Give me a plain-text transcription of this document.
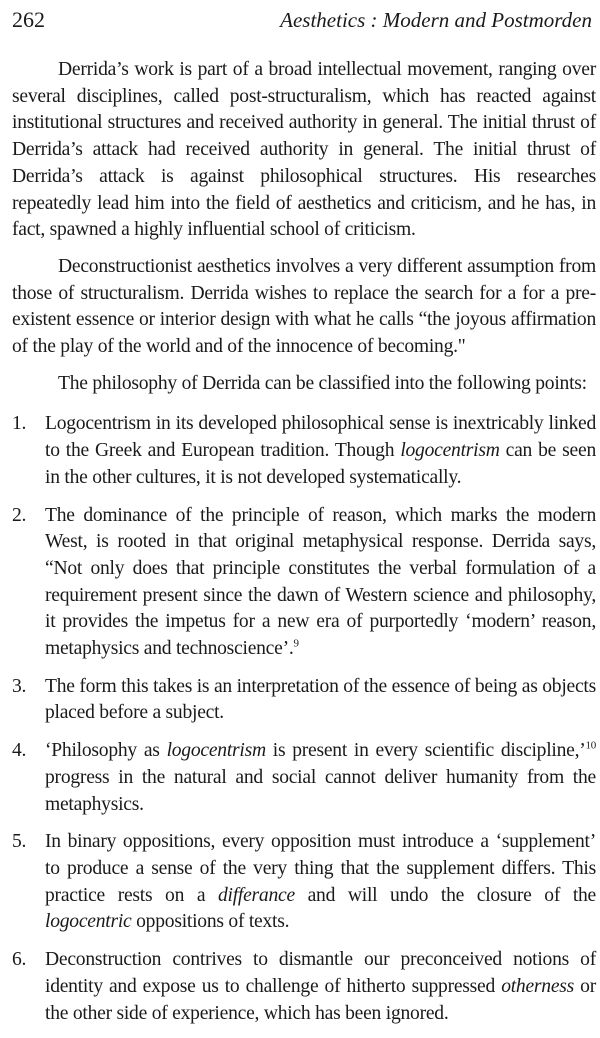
262	Aesthetics : Modern and Postmorden

Derrida’s work is part of a broad intellectual movement, ranging over several disciplines, called post-structuralism, which has reacted against institutional structures and received authority in general. The initial thrust of Derrida’s attack had received authority in general. The initial thrust of Derrida’s attack is against philosophical structures. His researches repeatedly lead him into the field of aesthetics and criticism, and he has, in fact, spawned a highly influential school of criticism.

Deconstructionist aesthetics involves a very different assumption from those of structuralism. Derrida wishes to replace the search for a for a pre-existent essence or interior design with what he calls “the joyous affirmation of the play of the world and of the innocence of becoming."

The philosophy of Derrida can be classified into the following points:

1. Logocentrism in its developed philosophical sense is inextricably linked to the Greek and European tradition. Though logocentrism can be seen in the other cultures, it is not developed systematically.
2. The dominance of the principle of reason, which marks the modern West, is rooted in that original metaphysical response. Derrida says, “Not only does that principle constitutes the verbal formulation of a requirement present since the dawn of Western science and philosophy, it provides the impetus for a new era of purportedly ‘modern’ reason, metaphysics and technoscience’.$^9$
3. The form this takes is an interpretation of the essence of being as objects placed before a subject.
4. ‘Philosophy as logocentrism is present in every scientific discipline,’$^{10}$ progress in the natural and social cannot deliver humanity from the metaphysics.
5. In binary oppositions, every opposition must introduce a ‘supplement’ to produce a sense of the very thing that the supplement differs. This practice rests on a differance and will undo the closure of the logocentric oppositions of texts.
6. Deconstruction contrives to dismantle our preconceived notions of identity and expose us to challenge of hitherto suppressed otherness or the other side of experience, which has been ignored.
